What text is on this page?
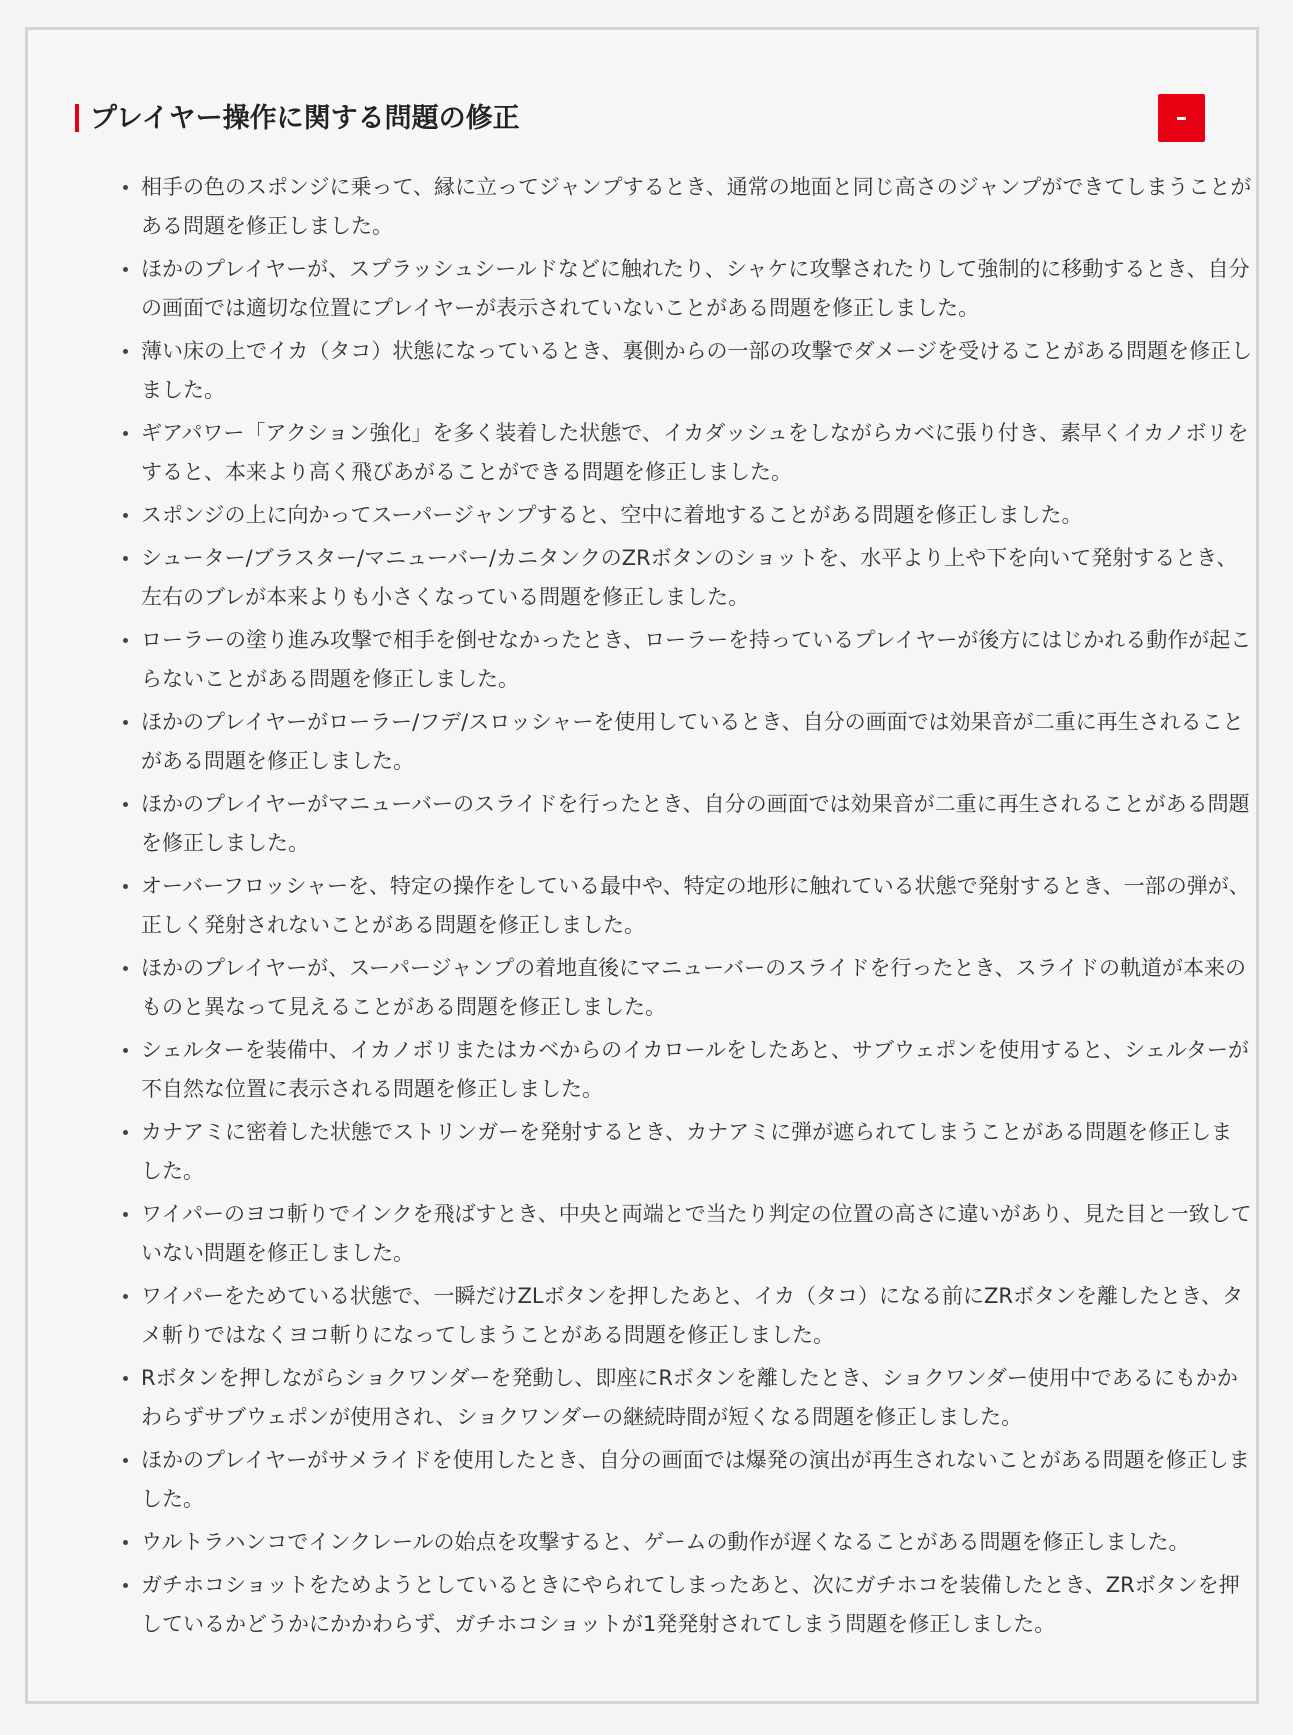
プレイヤー操作に関する問題の修正
相手の色のスポンジに乗って、縁に立ってジャンプするとき、通常の地面と同じ高さのジャンプができてしまうことがある問題を修正しました。
ほかのプレイヤーが、スプラッシュシールドなどに触れたり、シャケに攻撃されたりして強制的に移動するとき、自分の画面では適切な位置にプレイヤーが表示されていないことがある問題を修正しました。
薄い床の上でイカ（タコ）状態になっているとき、裏側からの一部の攻撃でダメージを受けることがある問題を修正しました。
ギアパワー「アクション強化」を多く装着した状態で、イカダッシュをしながらカベに張り付き、素早くイカノボリをすると、本来より高く飛びあがることができる問題を修正しました。
スポンジの上に向かってスーパージャンプすると、空中に着地することがある問題を修正しました。
シューター/ブラスター/マニューバー/カニタンクのZRボタンのショットを、水平より上や下を向いて発射するとき、左右のブレが本来よりも小さくなっている問題を修正しました。
ローラーの塗り進み攻撃で相手を倒せなかったとき、ローラーを持っているプレイヤーが後方にはじかれる動作が起こらないことがある問題を修正しました。
ほかのプレイヤーがローラー/フデ/スロッシャーを使用しているとき、自分の画面では効果音が二重に再生されることがある問題を修正しました。
ほかのプレイヤーがマニューバーのスライドを行ったとき、自分の画面では効果音が二重に再生されることがある問題を修正しました。
オーバーフロッシャーを、特定の操作をしている最中や、特定の地形に触れている状態で発射するとき、一部の弾が、正しく発射されないことがある問題を修正しました。
ほかのプレイヤーが、スーパージャンプの着地直後にマニューバーのスライドを行ったとき、スライドの軌道が本来のものと異なって見えることがある問題を修正しました。
シェルターを装備中、イカノボリまたはカベからのイカロールをしたあと、サブウェポンを使用すると、シェルターが不自然な位置に表示される問題を修正しました。
カナアミに密着した状態でストリンガーを発射するとき、カナアミに弾が遮られてしまうことがある問題を修正しました。
ワイパーのヨコ斬りでインクを飛ばすとき、中央と両端とで当たり判定の位置の高さに違いがあり、見た目と一致していない問題を修正しました。
ワイパーをためている状態で、一瞬だけZLボタンを押したあと、イカ（タコ）になる前にZRボタンを離したとき、タメ斬りではなくヨコ斬りになってしまうことがある問題を修正しました。
Rボタンを押しながらショクワンダーを発動し、即座にRボタンを離したとき、ショクワンダー使用中であるにもかかわらずサブウェポンが使用され、ショクワンダーの継続時間が短くなる問題を修正しました。
ほかのプレイヤーがサメライドを使用したとき、自分の画面では爆発の演出が再生されないことがある問題を修正しました。
ウルトラハンコでインクレールの始点を攻撃すると、ゲームの動作が遅くなることがある問題を修正しました。
ガチホコショットをためようとしているときにやられてしまったあと、次にガチホコを装備したとき、ZRボタンを押しているかどうかにかかわらず、ガチホコショットが1発発射されてしまう問題を修正しました。
